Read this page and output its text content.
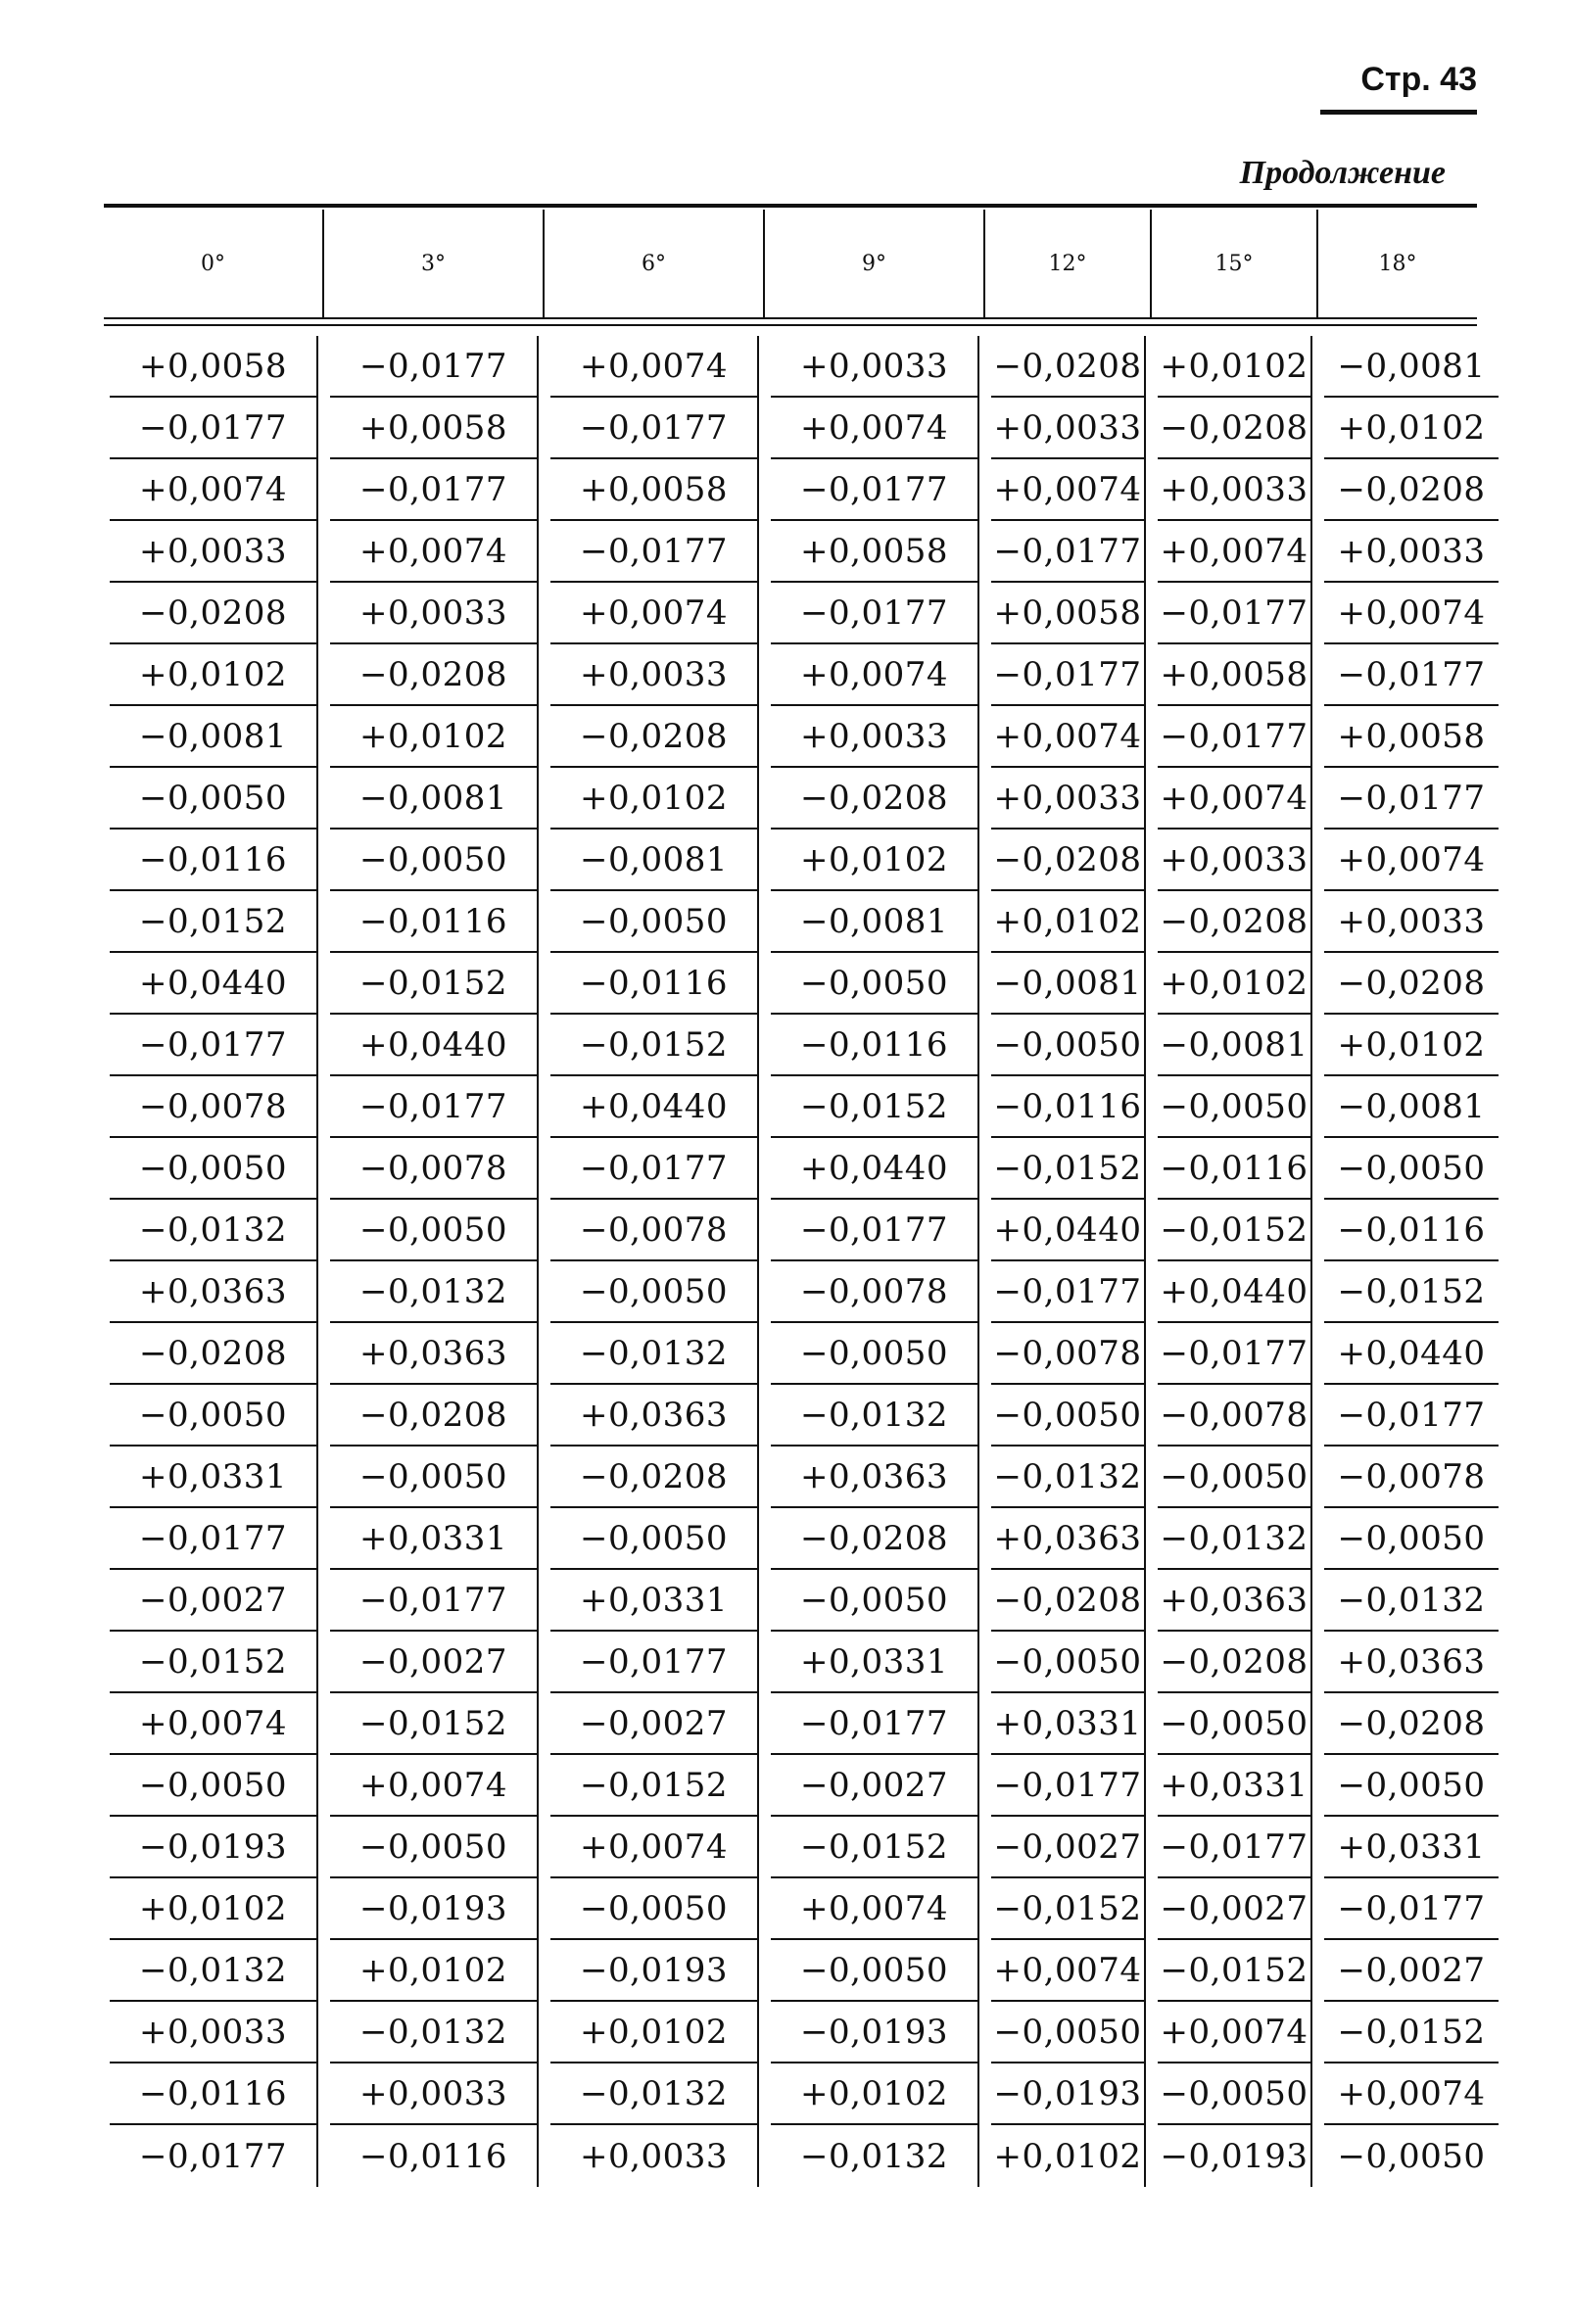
Стр. 43
Продолжение
0°	3°	6°	9°	12°	15°	18°
+0,0058	−0,0177	+0,0074	+0,0033	−0,0208 +0,0102 −0,0081
−0,0177	+0,0058	−0,0177	+0,0074	+0,0033 −0,0208 +0,0102
+0,0074	−0,0177	+0,0058	−0,0177	+0,0074 +0,0033 −0,0208
+0,0033	+0,0074	−0,0177	+0,0058	−0,0177 +0,0074 +0,0033
−0,0208	+0,0033	+0,0074	−0,0177	+0,0058 −0,0177 +0,0074
+0,0102	−0,0208	+0,0033	+0,0074	−0,0177 +0,0058 −0,0177
−0,0081	+0,0102	−0,0208	+0,0033	+0,0074 −0,0177 +0,0058
−0,0050	−0,0081	+0,0102	−0,0208	+0,0033 +0,0074 −0,0177
−0,0116	−0,0050	−0,0081	+0,0102	−0,0208 +0,0033 +0,0074
−0,0152	−0,0116	−0,0050	−0,0081	+0,0102 −0,0208 +0,0033
+0,0440	−0,0152	−0,0116	−0,0050	−0,0081 +0,0102 −0,0208
−0,0177	+0,0440	−0,0152	−0,0116	−0,0050 −0,0081 +0,0102
−0,0078	−0,0177	+0,0440	−0,0152	−0,0116 −0,0050 −0,0081
−0,0050	−0,0078	−0,0177	+0,0440	−0,0152 −0,0116 −0,0050
−0,0132	−0,0050	−0,0078	−0,0177	+0,0440 −0,0152 −0,0116
+0,0363	−0,0132	−0,0050	−0,0078	−0,0177 +0,0440 −0,0152
−0,0208	+0,0363	−0,0132	−0,0050	−0,0078 −0,0177 +0,0440
−0,0050	−0,0208	+0,0363	−0,0132	−0,0050 −0,0078 −0,0177
+0,0331	−0,0050	−0,0208	+0,0363	−0,0132 −0,0050 −0,0078
−0,0177	+0,0331	−0,0050	−0,0208	+0,0363 −0,0132 −0,0050
−0,0027	−0,0177	+0,0331	−0,0050	−0,0208 +0,0363 −0,0132
−0,0152	−0,0027	−0,0177	+0,0331	−0,0050 −0,0208 +0,0363
+0,0074	−0,0152	−0,0027	−0,0177	+0,0331 −0,0050 −0,0208
−0,0050	+0,0074	−0,0152	−0,0027	−0,0177 +0,0331 −0,0050
−0,0193	−0,0050	+0,0074	−0,0152	−0,0027 −0,0177 +0,0331
+0,0102	−0,0193	−0,0050	+0,0074	−0,0152 −0,0027 −0,0177
−0,0132	+0,0102	−0,0193	−0,0050	+0,0074 −0,0152 −0,0027
+0,0033	−0,0132	+0,0102	−0,0193	−0,0050 +0,0074 −0,0152
−0,0116	+0,0033	−0,0132	+0,0102	−0,0193 −0,0050 +0,0074
−0,0177	−0,0116	+0,0033	−0,0132	+0,0102 −0,0193 −0,0050
